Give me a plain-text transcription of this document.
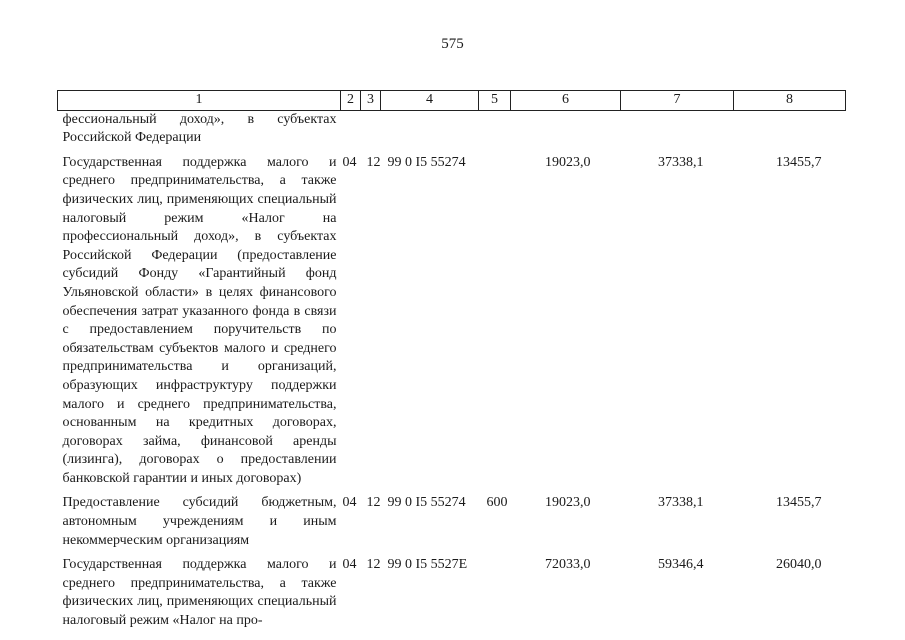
575
1	2	3	4	5	6	7	8
фессиональный доход», в субъектах Российской Федерации							
Государственная поддержка малого и среднего предпринимательства, а также физических лиц, применяющих специальный налоговый режим «Налог на профессиональный доход», в субъектах Российской Федерации (предоставление субсидий Фонду «Гарантийный фонд Ульяновской области» в целях финансового обеспечения затрат указанного фонда в связи с предоставлением поручительств по обязательствам субъектов малого и среднего предпринимательства и организаций, образующих инфраструктуру поддержки малого и среднего предпринимательства, основанным на кредитных договорах, договорах займа, финансовой аренды (лизинга), договорах о предоставлении банковской гарантии и иных договорах)	04	12	99 0 I5 55274		19023,0	37338,1	13455,7
Предоставление субсидий бюджетным, автономным учреждениям и иным некоммерческим организациям	04	12	99 0 I5 55274	600	19023,0	37338,1	13455,7
Государственная поддержка малого и среднего предпринимательства, а также физических лиц, применяющих специальный налоговый режим «Налог на про-	04	12	99 0 I5 5527E		72033,0	59346,4	26040,0
